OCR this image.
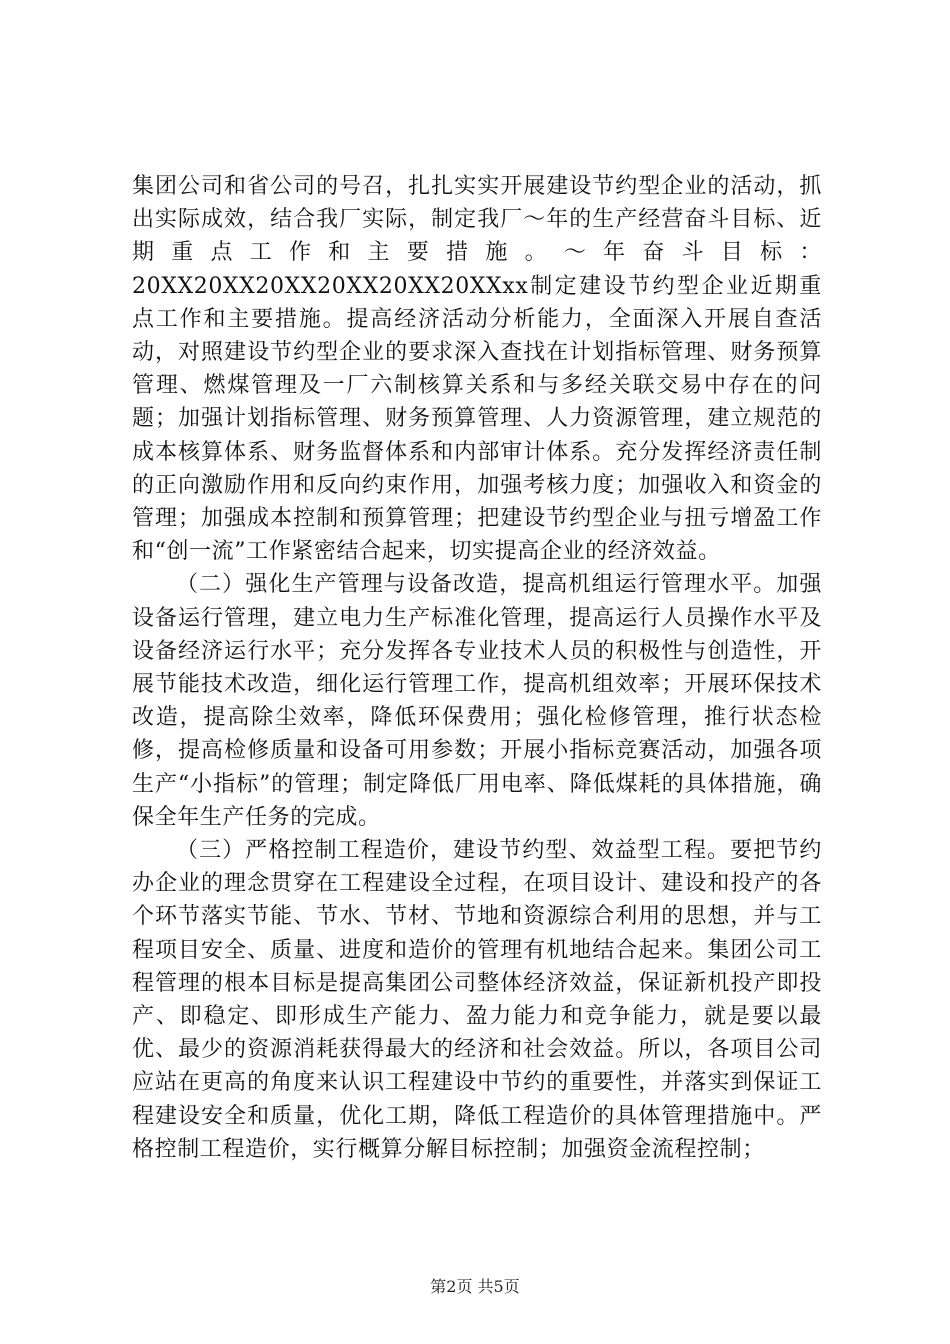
集团公司和省公司的号召，扎扎实实开展建设节约型企业的活动，抓出实际成效，结合我厂实际，制定我厂～年的生产经营奋斗目标、近期重点工作和主要措施。～年奋斗目标：20XX20XX20XX20XX20XX20XXxx制定建设节约型企业近期重点工作和主要措施。提高经济活动分析能力，全面深入开展自查活动，对照建设节约型企业的要求深入查找在计划指标管理、财务预算管理、燃煤管理及一厂六制核算关系和与多经关联交易中存在的问题；加强计划指标管理、财务预算管理、人力资源管理，建立规范的成本核算体系、财务监督体系和内部审计体系。充分发挥经济责任制的正向激励作用和反向约束作用，加强考核力度；加强收入和资金的管理；加强成本控制和预算管理；把建设节约型企业与扭亏增盈工作和“创一流”工作紧密结合起来，切实提高企业的经济效益。

（二）强化生产管理与设备改造，提高机组运行管理水平。加强设备运行管理，建立电力生产标准化管理，提高运行人员操作水平及设备经济运行水平；充分发挥各专业技术人员的积极性与创造性，开展节能技术改造，细化运行管理工作，提高机组效率；开展环保技术改造，提高除尘效率，降低环保费用；强化检修管理，推行状态检修，提高检修质量和设备可用参数；开展小指标竞赛活动，加强各项生产“小指标”的管理；制定降低厂用电率、降低煤耗的具体措施，确保全年生产任务的完成。

（三）严格控制工程造价，建设节约型、效益型工程。要把节约办企业的理念贯穿在工程建设全过程，在项目设计、建设和投产的各个环节落实节能、节水、节材、节地和资源综合利用的思想，并与工程项目安全、质量、进度和造价的管理有机地结合起来。集团公司工程管理的根本目标是提高集团公司整体经济效益，保证新机投产即投产、即稳定、即形成生产能力、盈力能力和竞争能力，就是要以最优、最少的资源消耗获得最大的经济和社会效益。所以，各项目公司应站在更高的角度来认识工程建设中节约的重要性，并落实到保证工程建设安全和质量，优化工期，降低工程造价的具体管理措施中。严格控制工程造价，实行概算分解目标控制；加强资金流程控制；

第2页 共5页
